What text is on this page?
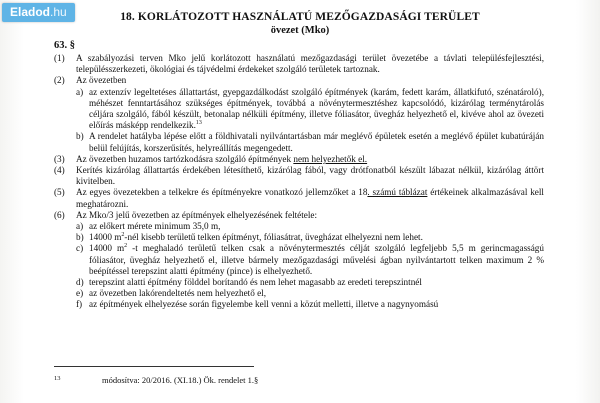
Eladod.hu	18. KORLÁTOZOTT HASZNÁLATÚ MEZŐGAZDASÁGI TERÜLET
övezet (Mko)
63. §
(1)	A szabályozási terven Mko jelű korlátozott használatú mezőgazdasági terület övezetébe a távlati településfejlesztési, településszerkezeti, ökológiai és tájvédelmi érdekeket szolgáló területek tartoznak.
(2)	Az övezetben
a) az extenzív legeltetéses állattartást, gyepgazdálkodást szolgáló építmények (karám, fedett karám, állatkifutó, szénatároló), méhészet fenntartásához szükséges építmények, továbbá a növénytermesztéshez kapcsolódó, kizárólag terménytárolás céljára szolgáló, fából készült, betonalap nélküli építmény, illetve fóliasátor, üvegház helyezhető el, kivéve ahol az övezeti előírás másképp rendelkezik.$^{13}$
b) A rendelet hatályba lépése előtt a földhivatali nyilvántartásban már meglévő épületek esetén a meglévő épület kubatúráján belül felújítás, korszerűsítés, helyreállítás megengedett.
(3)	Az övezetben huzamos tartózkodásra szolgáló építmények nem helyezhetők el.
(4)	Kerítés kizárólag állattartás érdekében létesíthető, kizárólag fából, vagy drótfonatból készült lábazat nélkül, kizárólag áttört kivitelben.
(5)	Az egyes övezetekben a telkekre és építményekre vonatkozó jellemzőket a 18. számú táblázat értékeinek alkalmazásával kell meghatározni.
(6)	Az Mko/3 jelű övezetben az építmények elhelyezésének feltétele:
a) az előkert mérete minimum 35,0 m,
b) 14000 $m^2$-nél kisebb területű telken építményt, fóliasátrat, üvegházat elhelyezni nem lehet.
c) 14000 $m^2$ -t meghaladó területű telken csak a növénytermesztés célját szolgáló legfeljebb 5,5 m gerincmagasságú fóliasátor, üvegház helyezhető el, illetve bármely mezőgazdasági művelési ágban nyilvántartott telken maximum 2 % beépítéssel terepszint alatti építmény (pince) is elhelyezhető.
d) terepszint alatti építmény földdel borítandó és nem lehet magasabb az eredeti terepszintnél
e) az övezetben lakórendeltetés nem helyezhető el,
f) az építmények elhelyezése során figyelembe kell venni a közút melletti, illetve a nagynyomású
13	módosítva: 20/2016. (XI.18.) Ök. rendelet 1.§
